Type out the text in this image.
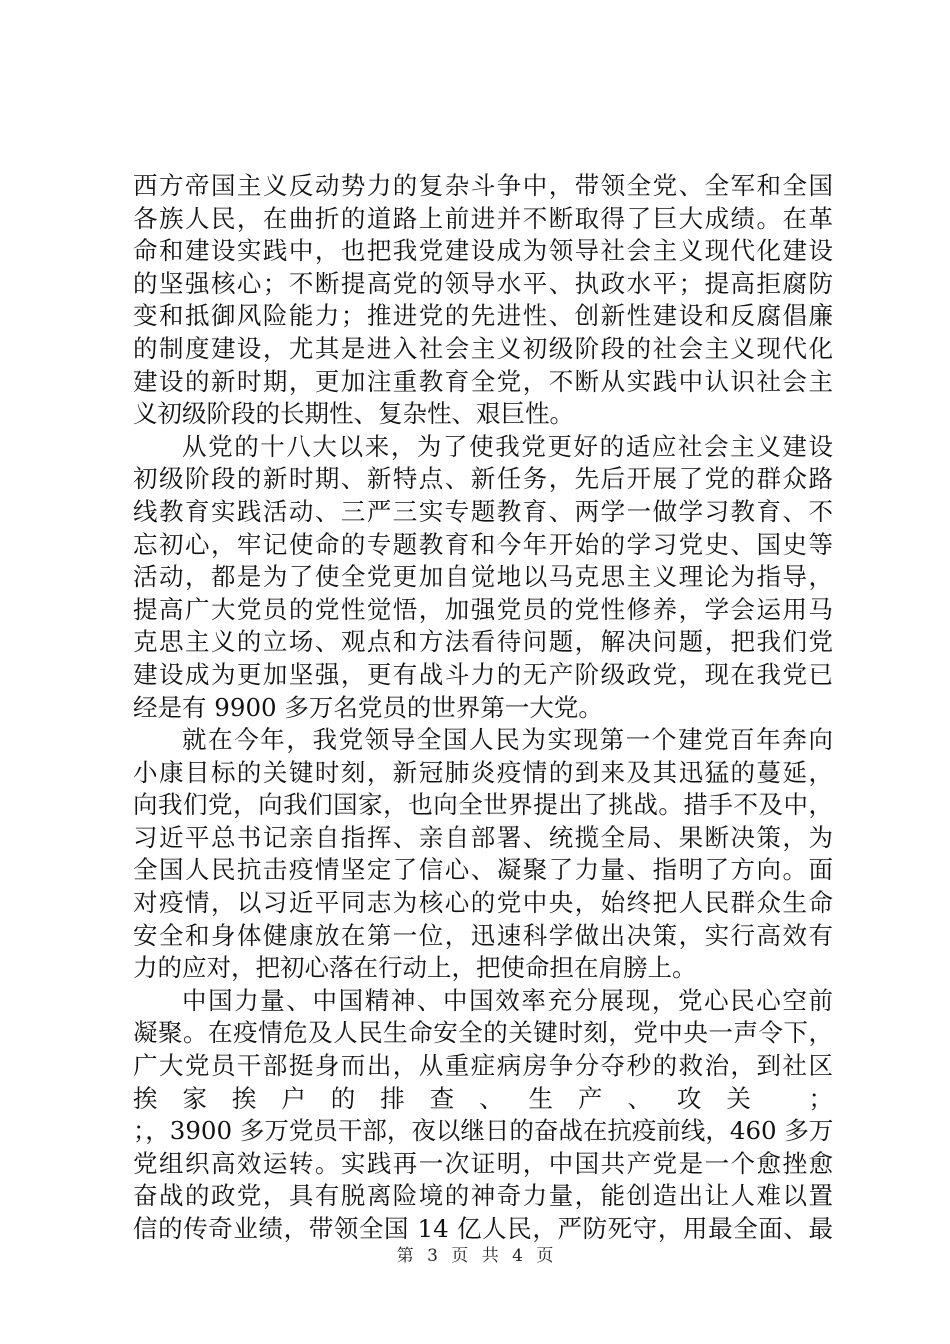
西方帝国主义反动势力的复杂斗争中，带领全党、全军和全国
各族人民，在曲折的道路上前进并不断取得了巨大成绩。在革
命和建设实践中，也把我党建设成为领导社会主义现代化建设
的坚强核心；不断提高党的领导水平、执政水平；提高拒腐防
变和抵御风险能力；推进党的先进性、创新性建设和反腐倡廉
的制度建设，尤其是进入社会主义初级阶段的社会主义现代化
建设的新时期，更加注重教育全党，不断从实践中认识社会主
义初级阶段的长期性、复杂性、艰巨性。
从党的十八大以来，为了使我党更好的适应社会主义建设
初级阶段的新时期、新特点、新任务，先后开展了党的群众路
线教育实践活动、三严三实专题教育、两学一做学习教育、不
忘初心，牢记使命的专题教育和今年开始的学习党史、国史等
活动，都是为了使全党更加自觉地以马克思主义理论为指导，
提高广大党员的党性觉悟，加强党员的党性修养，学会运用马
克思主义的立场、观点和方法看待问题，解决问题，把我们党
建设成为更加坚强，更有战斗力的无产阶级政党，现在我党已
经是有 9900 多万名党员的世界第一大党。
就在今年，我党领导全国人民为实现第一个建党百年奔向
小康目标的关键时刻，新冠肺炎疫情的到来及其迅猛的蔓延，
向我们党，向我们国家，也向全世界提出了挑战。措手不及中，
习近平总书记亲自指挥、亲自部署、统揽全局、果断决策，为
全国人民抗击疫情坚定了信心、凝聚了力量、指明了方向。面
对疫情，以习近平同志为核心的党中央，始终把人民群众生命
安全和身体健康放在第一位，迅速科学做出决策，实行高效有
力的应对，把初心落在行动上，把使命担在肩膀上。
中国力量、中国精神、中国效率充分展现，党心民心空前
凝聚。在疫情危及人民生命安全的关键时刻，党中央一声令下，
广大党员干部挺身而出，从重症病房争分夺秒的救治，到社区
挨家挨户的排查、生产、攻关 ；
；，3900 多万党员干部，夜以继日的奋战在抗疫前线，460 多万
党组织高效运转。实践再一次证明，中国共产党是一个愈挫愈
奋战的政党，具有脱离险境的神奇力量，能创造出让人难以置
信的传奇业绩，带领全国 14 亿人民，严防死守，用最全面、最
第 3 页 共 4 页
